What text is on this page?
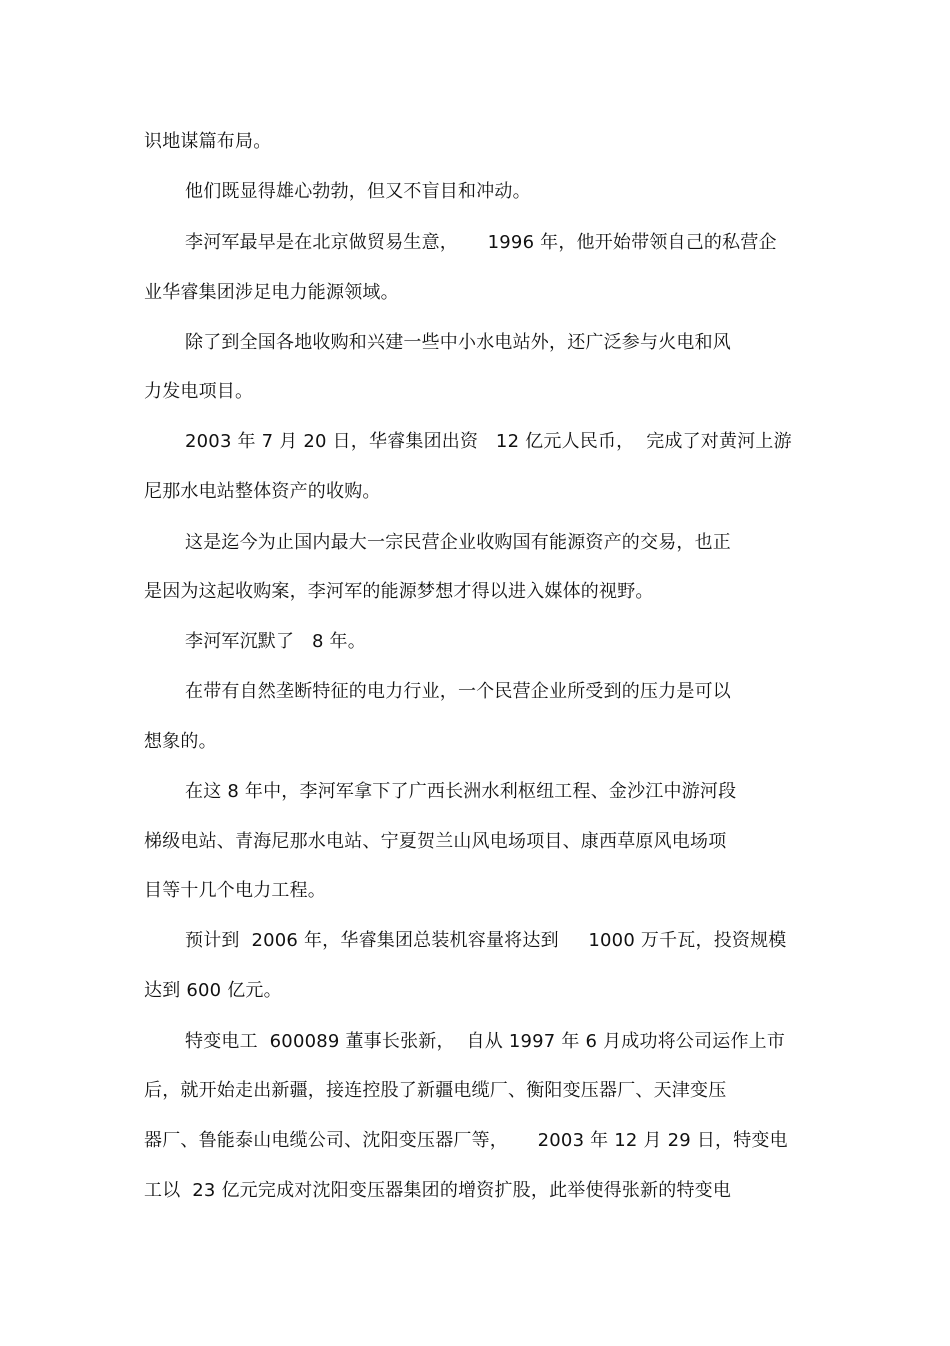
识地谋篇布局。
他们既显得雄心勃勃，但又不盲目和冲动。
李河军最早是在北京做贸易生意，     1996 年，他开始带领自己的私营企
业华睿集团涉足电力能源领域。
除了到全国各地收购和兴建一些中小水电站外，还广泛参与火电和风
力发电项目。
2003 年 7 月 20 日，华睿集团出资   12 亿元人民币，  完成了对黄河上游
尼那水电站整体资产的收购。
这是迄今为止国内最大一宗民营企业收购国有能源资产的交易，也正
是因为这起收购案，李河军的能源梦想才得以进入媒体的视野。
李河军沉默了   8 年。
在带有自然垄断特征的电力行业，一个民营企业所受到的压力是可以
想象的。
在这 8 年中，李河军拿下了广西长洲水利枢纽工程、金沙江中游河段
梯级电站、青海尼那水电站、宁夏贺兰山风电场项目、康西草原风电场项
目等十几个电力工程。
预计到  2006 年，华睿集团总装机容量将达到     1000 万千瓦，投资规模
达到 600 亿元。
特变电工  600089 董事长张新，  自从 1997 年 6 月成功将公司运作上市
后，就开始走出新疆，接连控股了新疆电缆厂、衡阳变压器厂、天津变压
器厂、鲁能泰山电缆公司、沈阳变压器厂等，     2003 年 12 月 29 日，特变电
工以  23 亿元完成对沈阳变压器集团的增资扩股，此举使得张新的特变电
